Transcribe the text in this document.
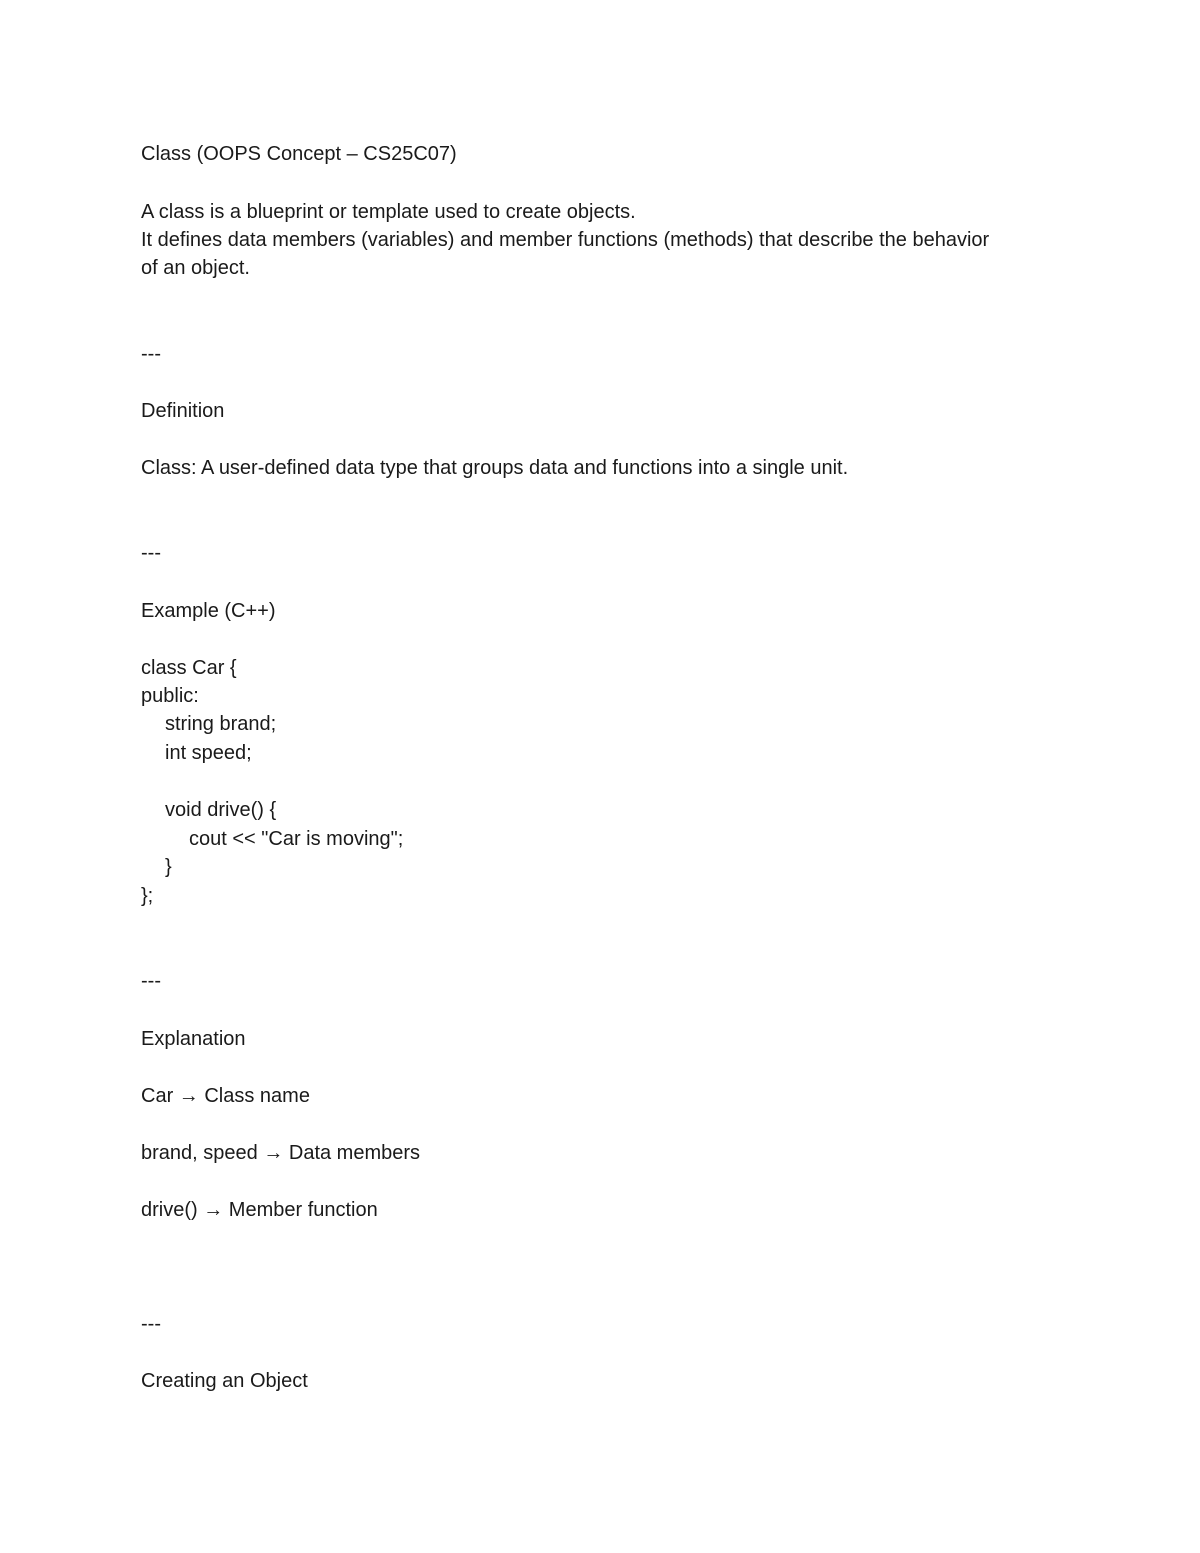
Class (OOPS Concept – CS25C07)
A class is a blueprint or template used to create objects.
It defines data members (variables) and member functions (methods) that describe the behavior
of an object.
---
Definition
Class: A user-defined data type that groups data and functions into a single unit.
---
Example (C++)
class Car {
public:
string brand;
int speed;
void drive() {
cout << "Car is moving";
}
};
---
Explanation
Car → Class name
brand, speed → Data members
drive() → Member function
---
Creating an Object
